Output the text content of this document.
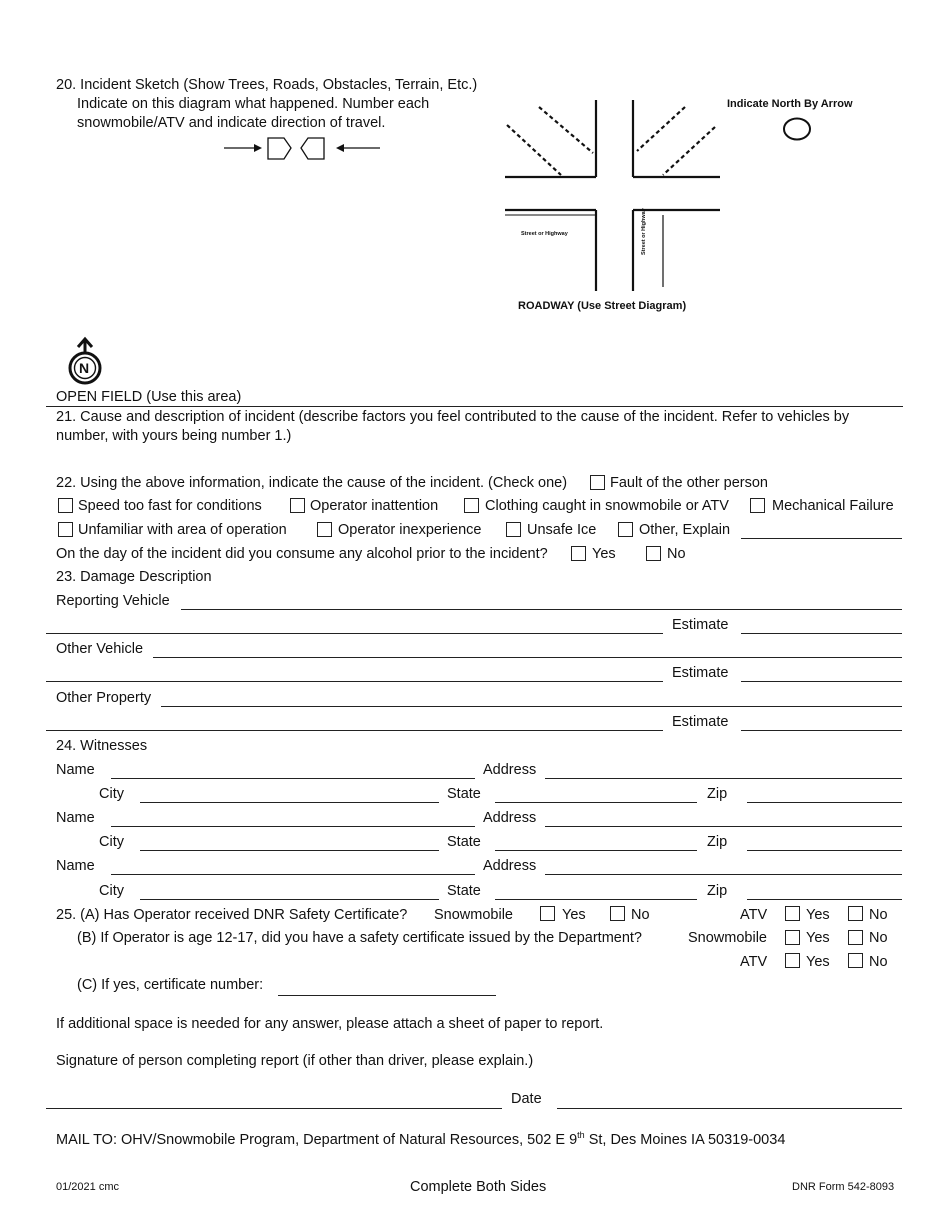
20. Incident Sketch (Show Trees, Roads, Obstacles, Terrain, Etc.)
Indicate on this diagram what happened. Number each
snowmobile/ATV and indicate direction of travel.
Street or Highway	Street or Highway
ROADWAY (Use Street Diagram)
Indicate North By Arrow
N
OPEN FIELD (Use this area)
21. Cause and description of incident (describe factors you feel contributed to the cause of the incident. Refer to vehicles by
number, with yours being number 1.)
22. Using the above information, indicate the cause of the incident. (Check one)	Fault of the other person
Speed too fast for conditions	Operator inattention	Clothing caught in snowmobile or ATV	Mechanical Failure
Unfamiliar with area of operation	Operator inexperience	Unsafe Ice	Other, Explain
On the day of the incident did you consume any alcohol prior to the incident?	Yes	No
23. Damage Description
Reporting Vehicle
Estimate
Other Vehicle
Estimate
Other Property
Estimate
24. Witnesses
Name	Address
City	State	Zip
Name	Address
City	State	Zip
Name	Address
City	State	Zip
25. (A) Has Operator received DNR Safety Certificate? Snowmobile	Yes	No	ATV	Yes	No
(B) If Operator is age 12-17, did you have a safety certificate issued by the Department?	Snowmobile	Yes	No
ATV	Yes	No
(C) If yes, certificate number:
If additional space is needed for any answer, please attach a sheet of paper to report.
Signature of person completing report (if other than driver, please explain.)
Date
MAIL TO: OHV/Snowmobile Program, Department of Natural Resources, 502 E 9th St, Des Moines IA 50319-0034
01/2021 cmc	Complete Both Sides	DNR Form 542-8093
